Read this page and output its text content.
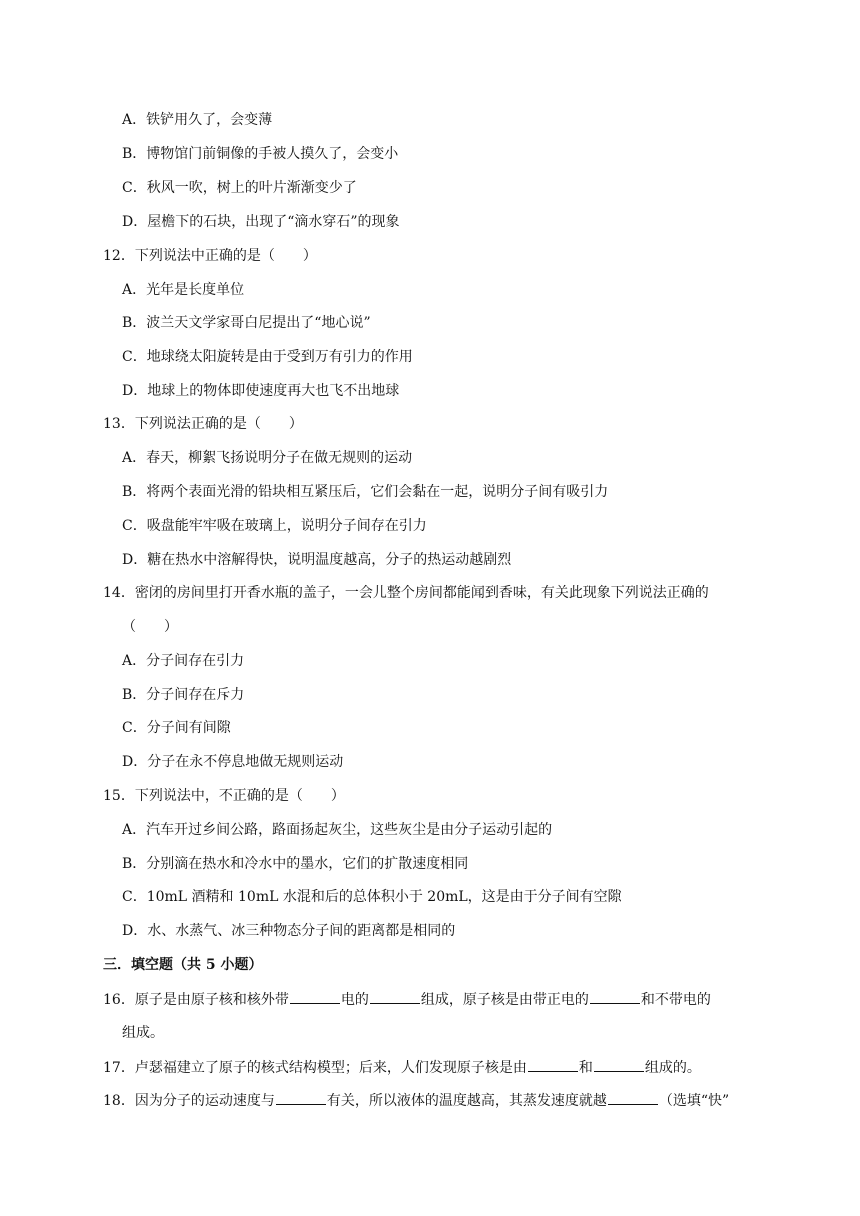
A．铁铲用久了，会变薄
B．博物馆门前铜像的手被人摸久了，会变小
C．秋风一吹，树上的叶片渐渐变少了
D．屋檐下的石块，出现了“滴水穿石”的现象
12．下列说法中正确的是（　　）
A．光年是长度单位
B．波兰天文学家哥白尼提出了“地心说”
C．地球绕太阳旋转是由于受到万有引力的作用
D．地球上的物体即使速度再大也飞不出地球
13．下列说法正确的是（　　）
A．春天，柳絮飞扬说明分子在做无规则的运动
B．将两个表面光滑的铅块相互紧压后，它们会黏在一起，说明分子间有吸引力
C．吸盘能牢牢吸在玻璃上，说明分子间存在引力
D．糖在热水中溶解得快，说明温度越高，分子的热运动越剧烈
14．密闭的房间里打开香水瓶的盖子，一会儿整个房间都能闻到香味，有关此现象下列说法正确的
（　　）
A．分子间存在引力
B．分子间存在斥力
C．分子间有间隙
D．分子在永不停息地做无规则运动
15．下列说法中，不正确的是（　　）
A．汽车开过乡间公路，路面扬起灰尘，这些灰尘是由分子运动引起的
B．分别滴在热水和冷水中的墨水，它们的扩散速度相同
C．10mL 酒精和 10mL 水混和后的总体积小于 20mL，这是由于分子间有空隙
D．水、水蒸气、冰三种物态分子间的距离都是相同的
三．填空题（共 5 小题）
16．原子是由原子核和核外带	电的	组成，原子核是由带正电的	和不带电的
组成。
17．卢瑟福建立了原子的核式结构模型；后来，人们发现原子核是由	和	组成的。
18．因为分子的运动速度与	有关，所以液体的温度越高，其蒸发速度就越	（选填“快”
